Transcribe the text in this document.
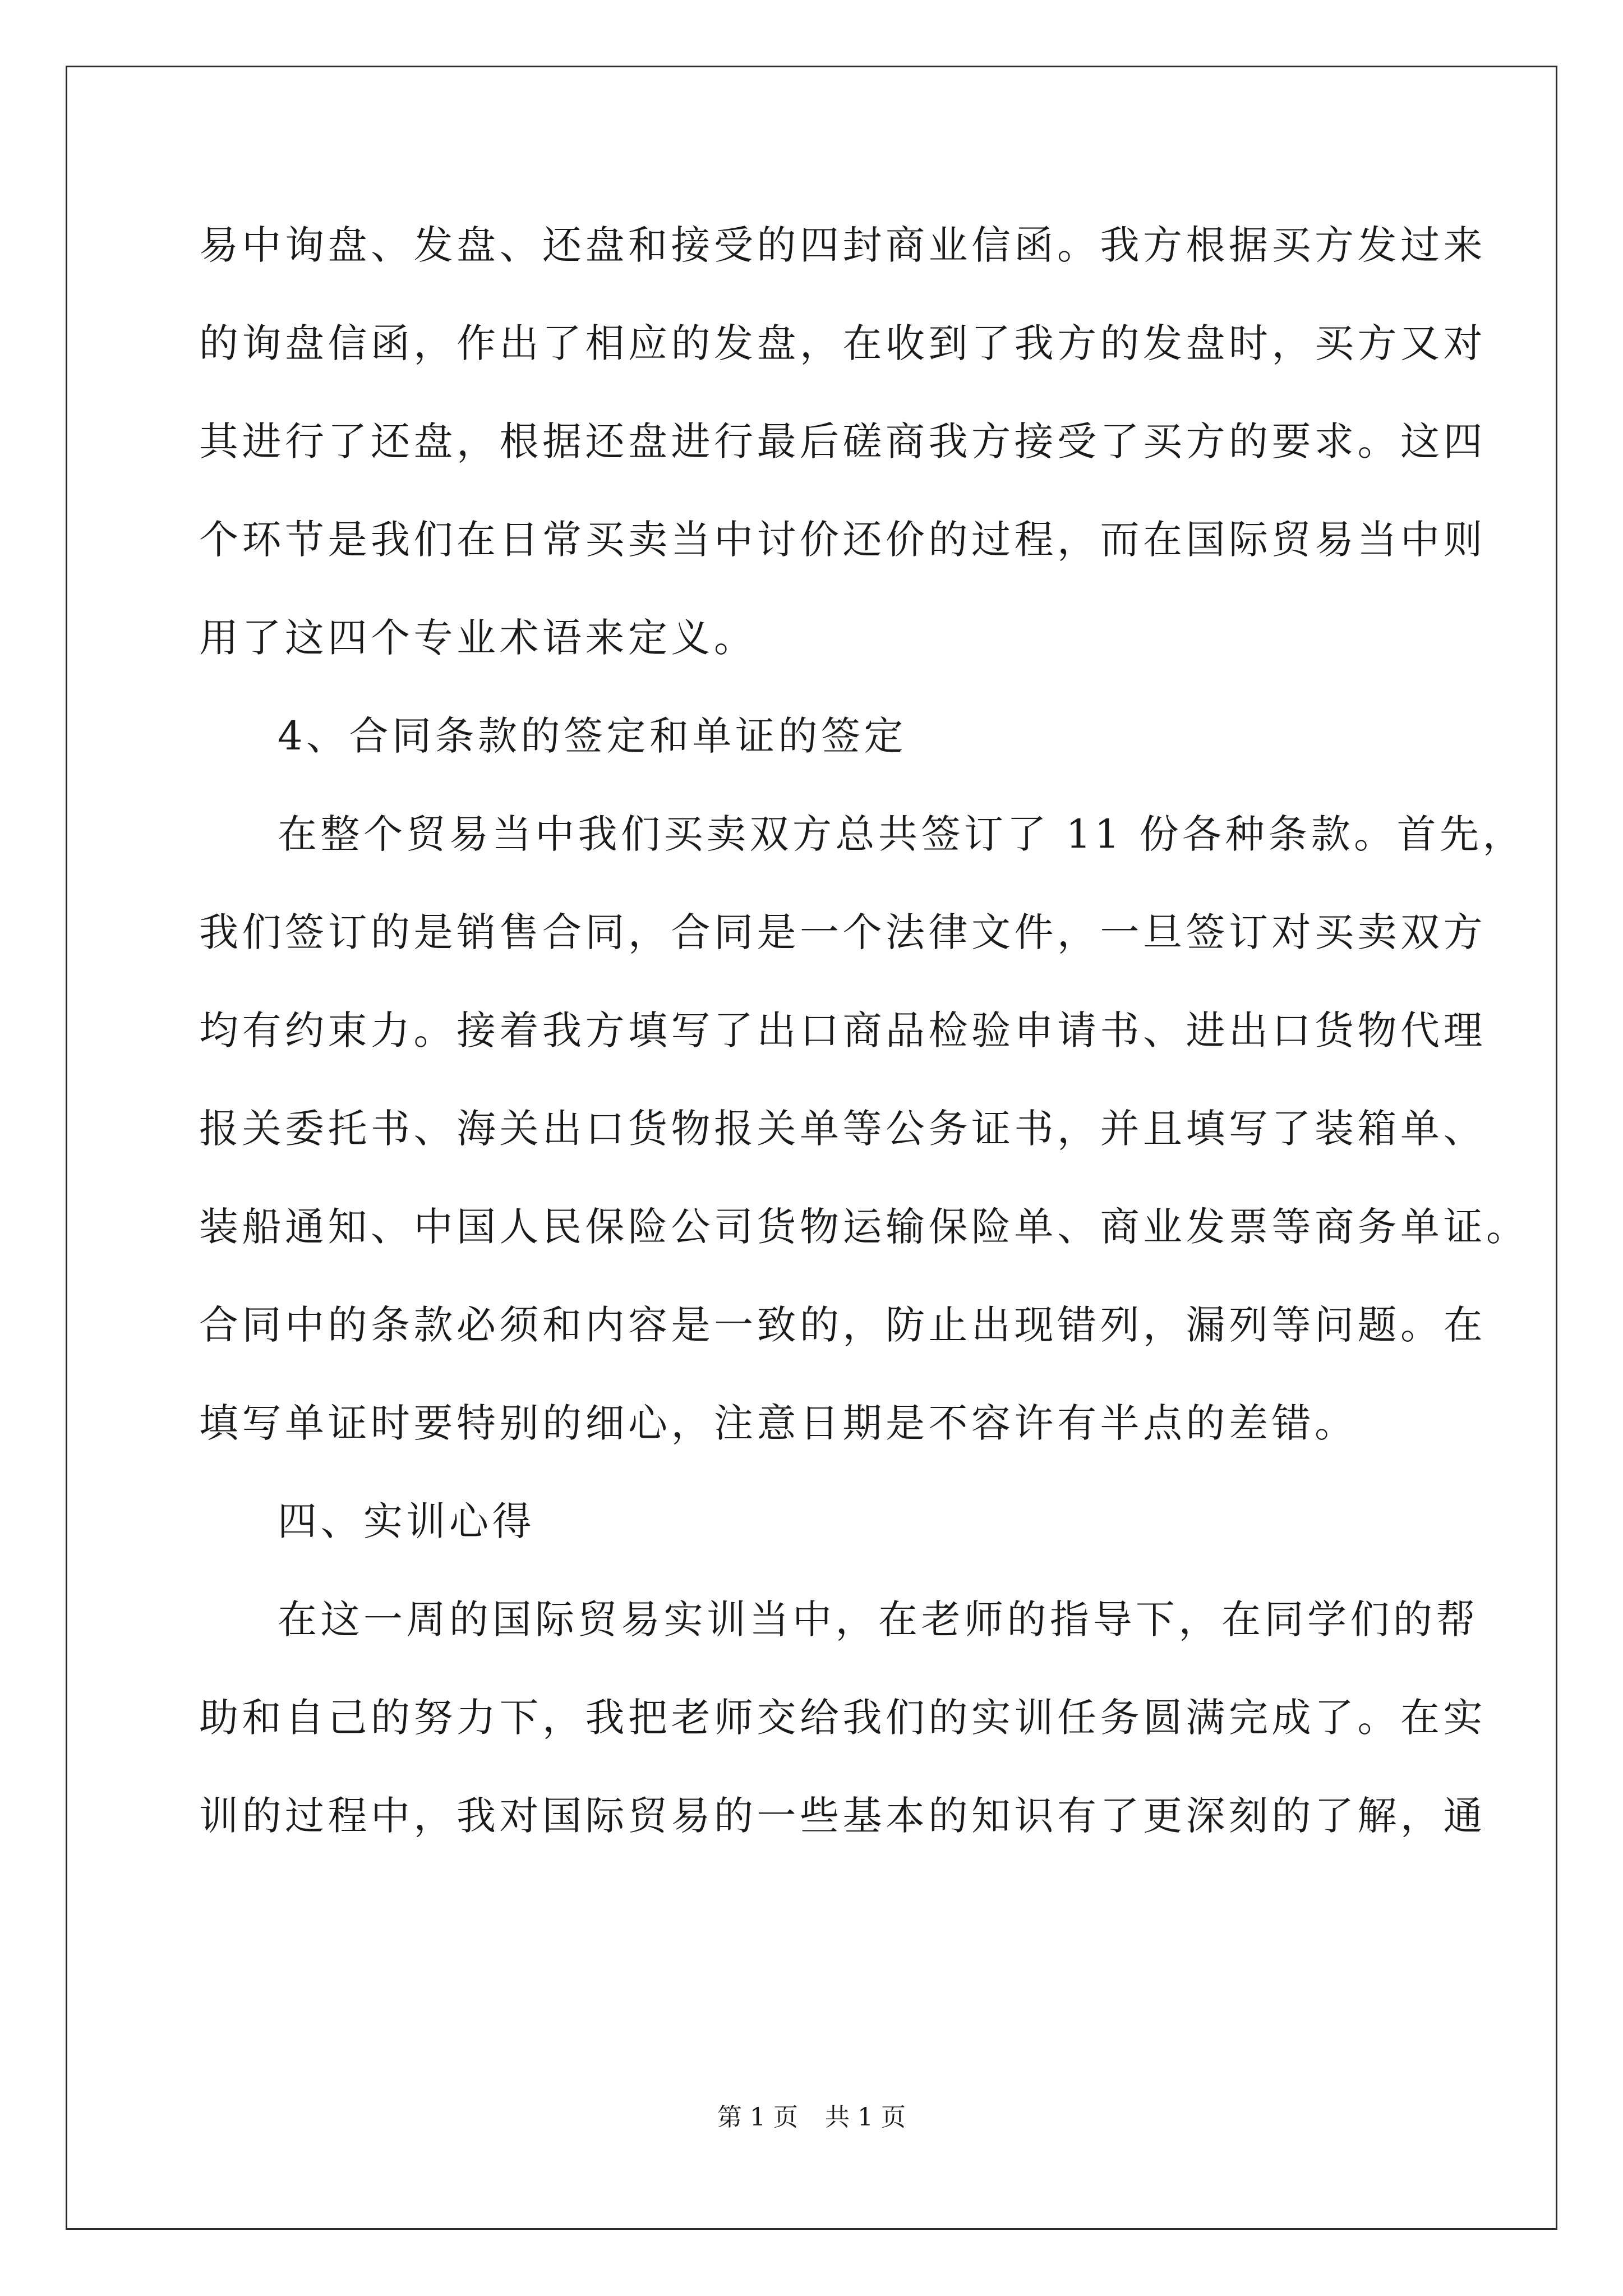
易中询盘、发盘、还盘和接受的四封商业信函。我方根据买方发过来
的询盘信函，作出了相应的发盘，在收到了我方的发盘时，买方又对
其进行了还盘，根据还盘进行最后磋商我方接受了买方的要求。这四
个环节是我们在日常买卖当中讨价还价的过程，而在国际贸易当中则
用了这四个专业术语来定义。
4、合同条款的签定和单证的签定
在整个贸易当中我们买卖双方总共签订了 11 份各种条款。首先，
我们签订的是销售合同，合同是一个法律文件，一旦签订对买卖双方
均有约束力。接着我方填写了出口商品检验申请书、进出口货物代理
报关委托书、海关出口货物报关单等公务证书，并且填写了装箱单、
装船通知、中国人民保险公司货物运输保险单、商业发票等商务单证。
合同中的条款必须和内容是一致的，防止出现错列，漏列等问题。在
填写单证时要特别的细心，注意日期是不容许有半点的差错。
四、实训心得
在这一周的国际贸易实训当中，在老师的指导下，在同学们的帮
助和自己的努力下，我把老师交给我们的实训任务圆满完成了。在实
训的过程中，我对国际贸易的一些基本的知识有了更深刻的了解，通
第 1 页 共 1 页
